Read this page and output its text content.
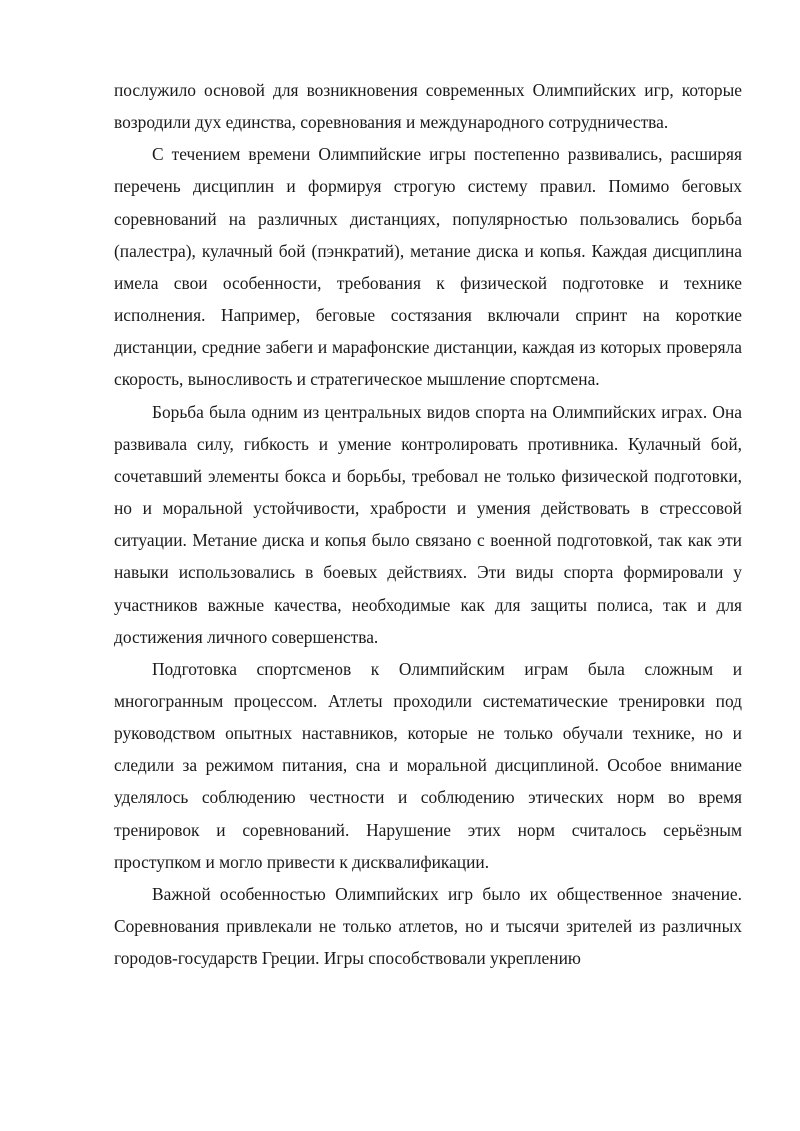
послужило основой для возникновения современных Олимпийских игр, которые возродили дух единства, соревнования и международного сотрудничества.

С течением времени Олимпийские игры постепенно развивались, расширяя перечень дисциплин и формируя строгую систему правил. Помимо беговых соревнований на различных дистанциях, популярностью пользовались борьба (палестра), кулачный бой (пэнкратий), метание диска и копья. Каждая дисциплина имела свои особенности, требования к физической подготовке и технике исполнения. Например, беговые состязания включали спринт на короткие дистанции, средние забеги и марафонские дистанции, каждая из которых проверяла скорость, выносливость и стратегическое мышление спортсмена.

Борьба была одним из центральных видов спорта на Олимпийских играх. Она развивала силу, гибкость и умение контролировать противника. Кулачный бой, сочетавший элементы бокса и борьбы, требовал не только физической подготовки, но и моральной устойчивости, храбрости и умения действовать в стрессовой ситуации. Метание диска и копья было связано с военной подготовкой, так как эти навыки использовались в боевых действиях. Эти виды спорта формировали у участников важные качества, необходимые как для защиты полиса, так и для достижения личного совершенства.

Подготовка спортсменов к Олимпийским играм была сложным и многогранным процессом. Атлеты проходили систематические тренировки под руководством опытных наставников, которые не только обучали технике, но и следили за режимом питания, сна и моральной дисциплиной. Особое внимание уделялось соблюдению честности и соблюдению этических норм во время тренировок и соревнований. Нарушение этих норм считалось серьёзным проступком и могло привести к дисквалификации.

Важной особенностью Олимпийских игр было их общественное значение. Соревнования привлекали не только атлетов, но и тысячи зрителей из различных городов-государств Греции. Игры способствовали укреплению
